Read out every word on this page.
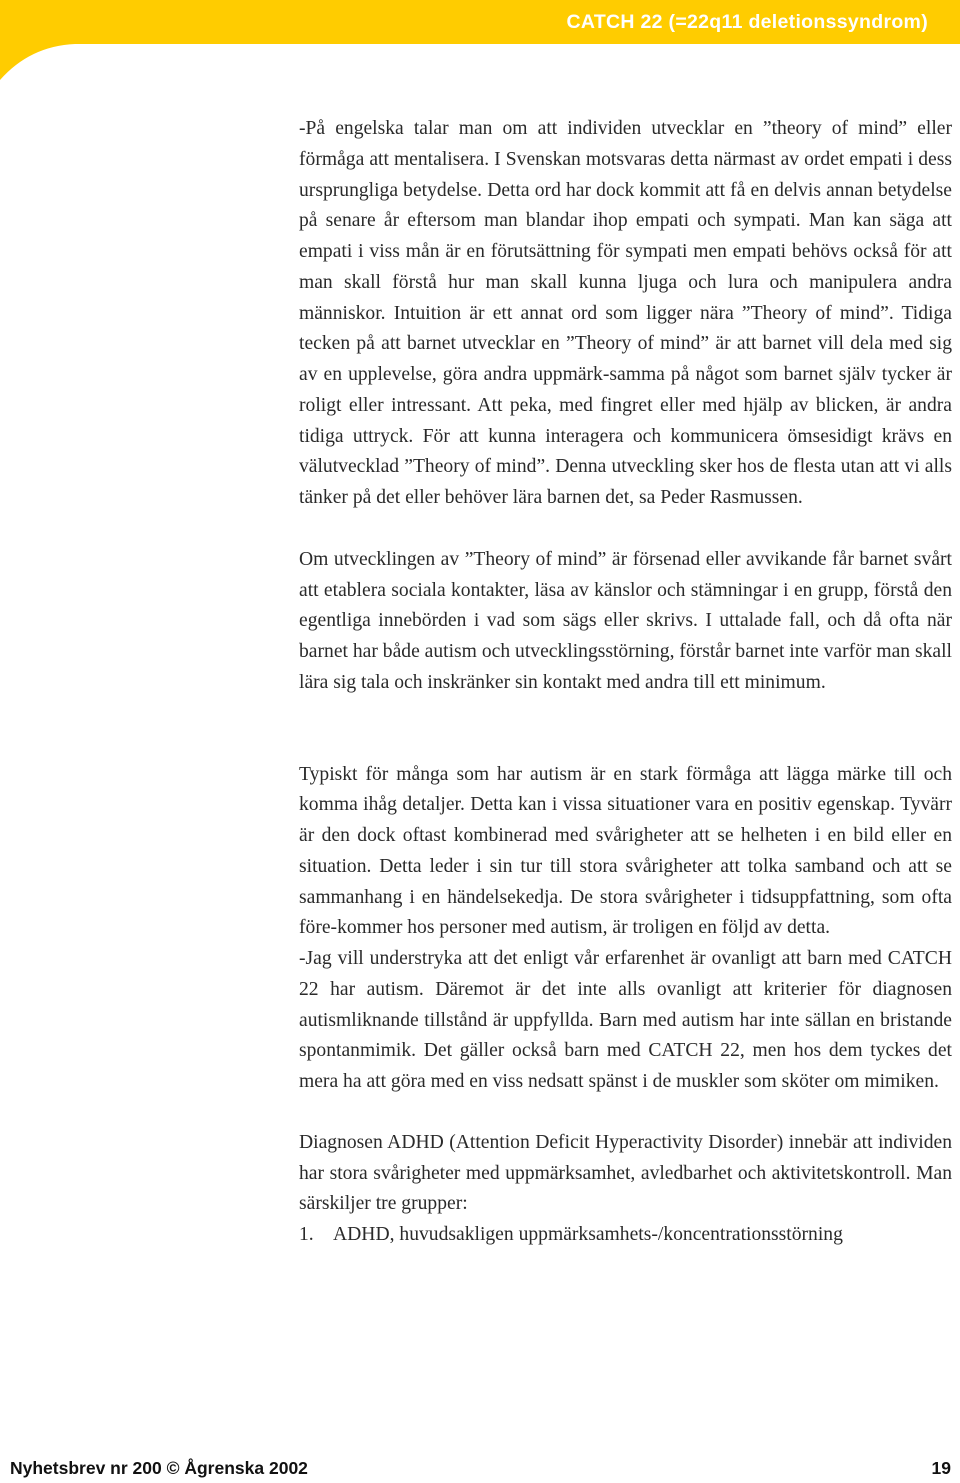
CATCH 22 (=22q11 deletionssyndrom)

-På engelska talar man om att individen utvecklar en ”theory of mind” eller förmåga att mentalisera. I Svenskan motsvaras detta närmast av ordet empati i dess ursprungliga betydelse. Detta ord har dock kommit att få en delvis annan betydelse på senare år eftersom man blandar ihop empati och sympati. Man kan säga att empati i viss mån är en förutsättning för sympati men empati behövs också för att man skall förstå hur man skall kunna ljuga och lura och manipulera andra människor. Intuition är ett annat ord som ligger nära ”Theory of mind”. Tidiga tecken på att barnet utvecklar en ”Theory of mind” är att barnet vill dela med sig av en upplevelse, göra andra uppmärk-samma på något som barnet själv tycker är roligt eller intressant. Att peka, med fingret eller med hjälp av blicken, är andra tidiga uttryck. För att kunna interagera och kommunicera ömsesidigt krävs en välutvecklad ”Theory of mind”. Denna utveckling sker hos de flesta utan att vi alls tänker på det eller behöver lära barnen det, sa Peder Rasmussen.

Om utvecklingen av ”Theory of mind” är försenad eller avvikande får barnet svårt att etablera sociala kontakter, läsa av känslor och stämningar i en grupp, förstå den egentliga innebörden i vad som sägs eller skrivs. I uttalade fall, och då ofta när barnet har både autism och utvecklingsstörning, förstår barnet inte varför man skall lära sig tala och inskränker sin kontakt med andra till ett minimum.

Typiskt för många som har autism är en stark förmåga att lägga märke till och komma ihåg detaljer. Detta kan i vissa situationer vara en positiv egenskap. Tyvärr är den dock oftast kombinerad med svårigheter att se helheten i en bild eller en situation. Detta leder i sin tur till stora svårigheter att tolka samband och att se sammanhang i en händelsekedja. De stora svårigheter i tidsuppfattning, som ofta före-kommer hos personer med autism, är troligen en följd av detta.

-Jag vill understryka att det enligt vår erfarenhet är ovanligt att barn med CATCH 22 har autism. Däremot är det inte alls ovanligt att kriterier för diagnosen autismliknande tillstånd är uppfyllda. Barn med autism har inte sällan en bristande spontanmimik. Det gäller också barn med CATCH 22, men hos dem tyckes det mera ha att göra med en viss nedsatt spänst i de muskler som sköter om mimiken.

Diagnosen ADHD (Attention Deficit Hyperactivity Disorder) innebär att individen har stora svårigheter med uppmärksamhet, avledbarhet och aktivitetskontroll. Man särskiljer tre grupper:

1. ADHD, huvudsakligen uppmärksamhets-/koncentrationsstörning
Nyhetsbrev nr 200 © Ågrenska 2002	19
